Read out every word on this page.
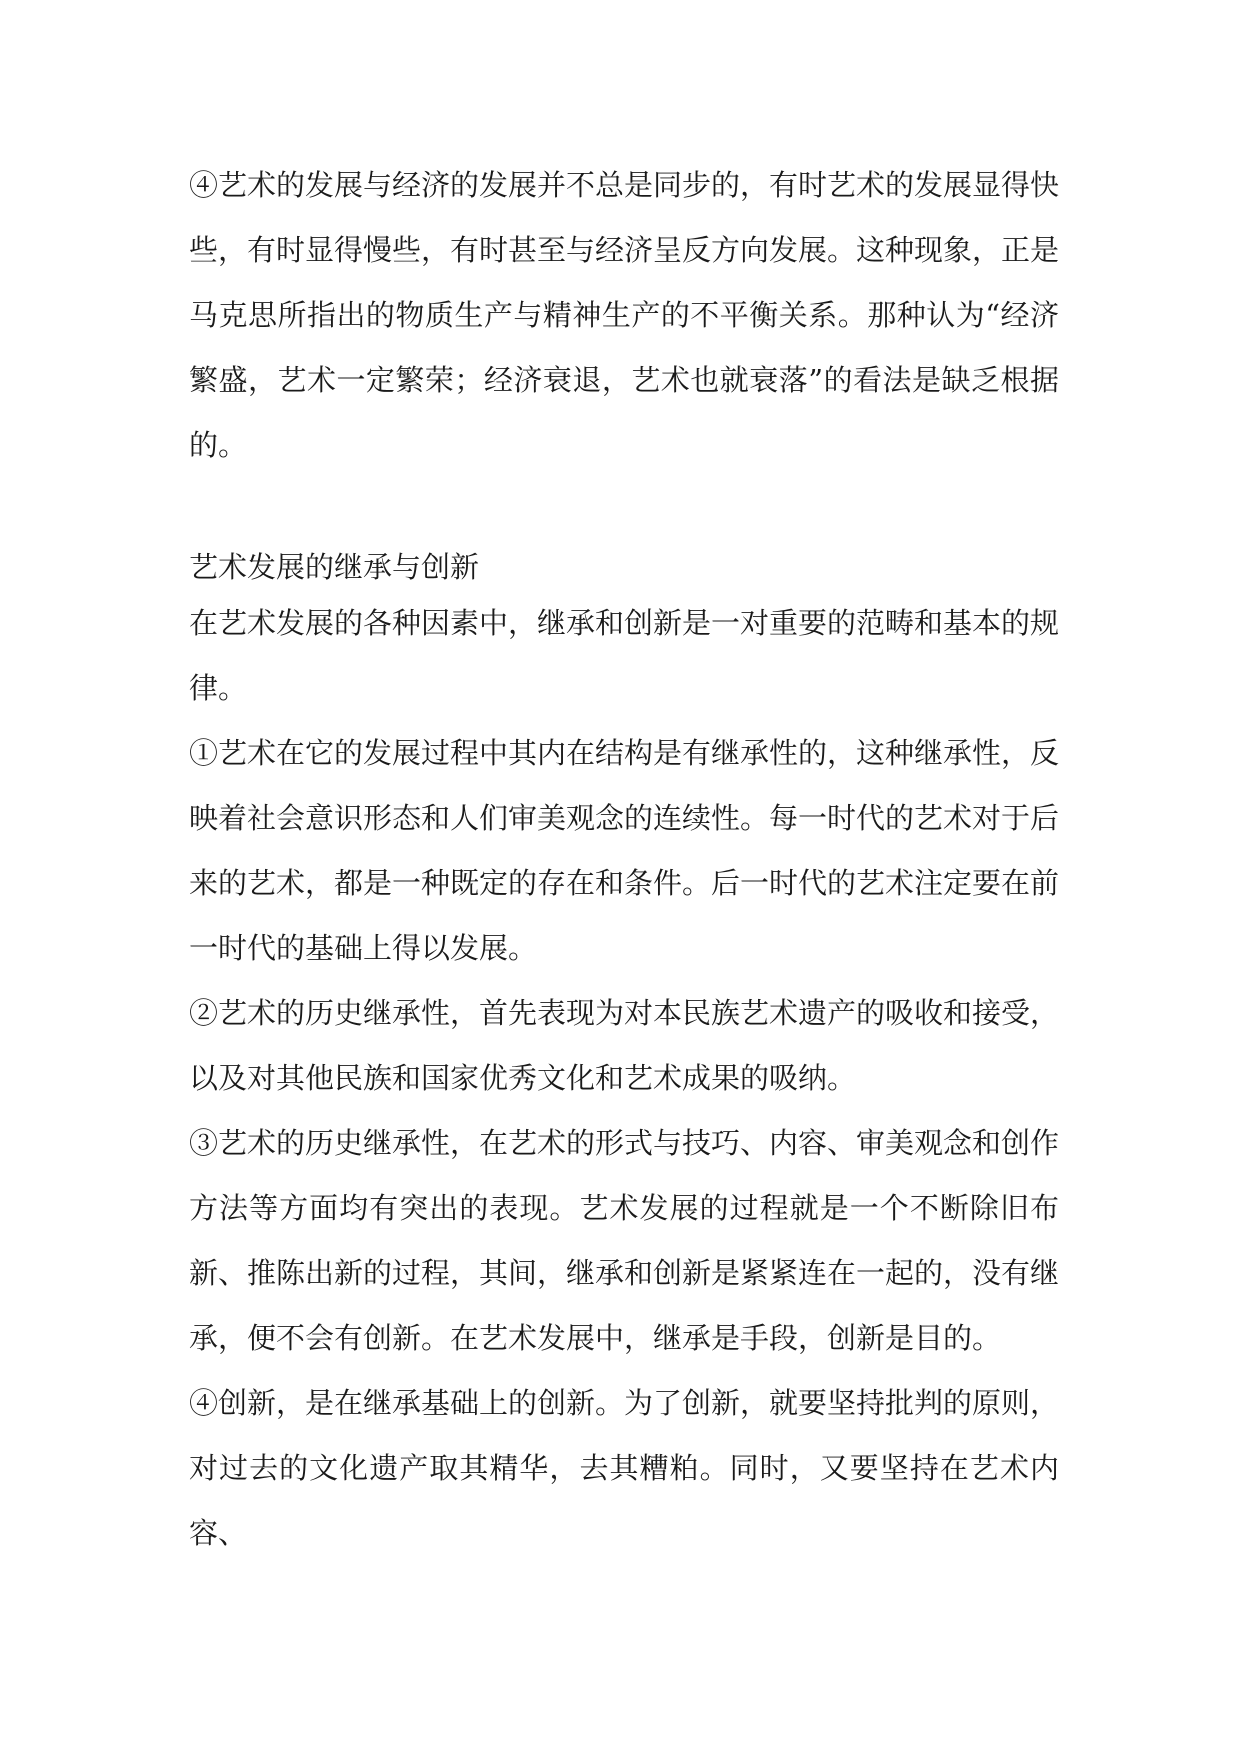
④艺术的发展与经济的发展并不总是同步的，有时艺术的发展显得快些，有时显得慢些，有时甚至与经济呈反方向发展。这种现象，正是马克思所指出的物质生产与精神生产的不平衡关系。那种认为“经济繁盛，艺术一定繁荣；经济衰退，艺术也就衰落”的看法是缺乏根据的。

艺术发展的继承与创新

在艺术发展的各种因素中，继承和创新是一对重要的范畴和基本的规律。

①艺术在它的发展过程中其内在结构是有继承性的，这种继承性，反映着社会意识形态和人们审美观念的连续性。每一时代的艺术对于后来的艺术，都是一种既定的存在和条件。后一时代的艺术注定要在前一时代的基础上得以发展。

②艺术的历史继承性，首先表现为对本民族艺术遗产的吸收和接受，以及对其他民族和国家优秀文化和艺术成果的吸纳。

③艺术的历史继承性，在艺术的形式与技巧、内容、审美观念和创作方法等方面均有突出的表现。艺术发展的过程就是一个不断除旧布新、推陈出新的过程，其间，继承和创新是紧紧连在一起的，没有继承，便不会有创新。在艺术发展中，继承是手段，创新是目的。

④创新，是在继承基础上的创新。为了创新，就要坚持批判的原则，对过去的文化遗产取其精华，去其糟粕。同时，又要坚持在艺术内容、
